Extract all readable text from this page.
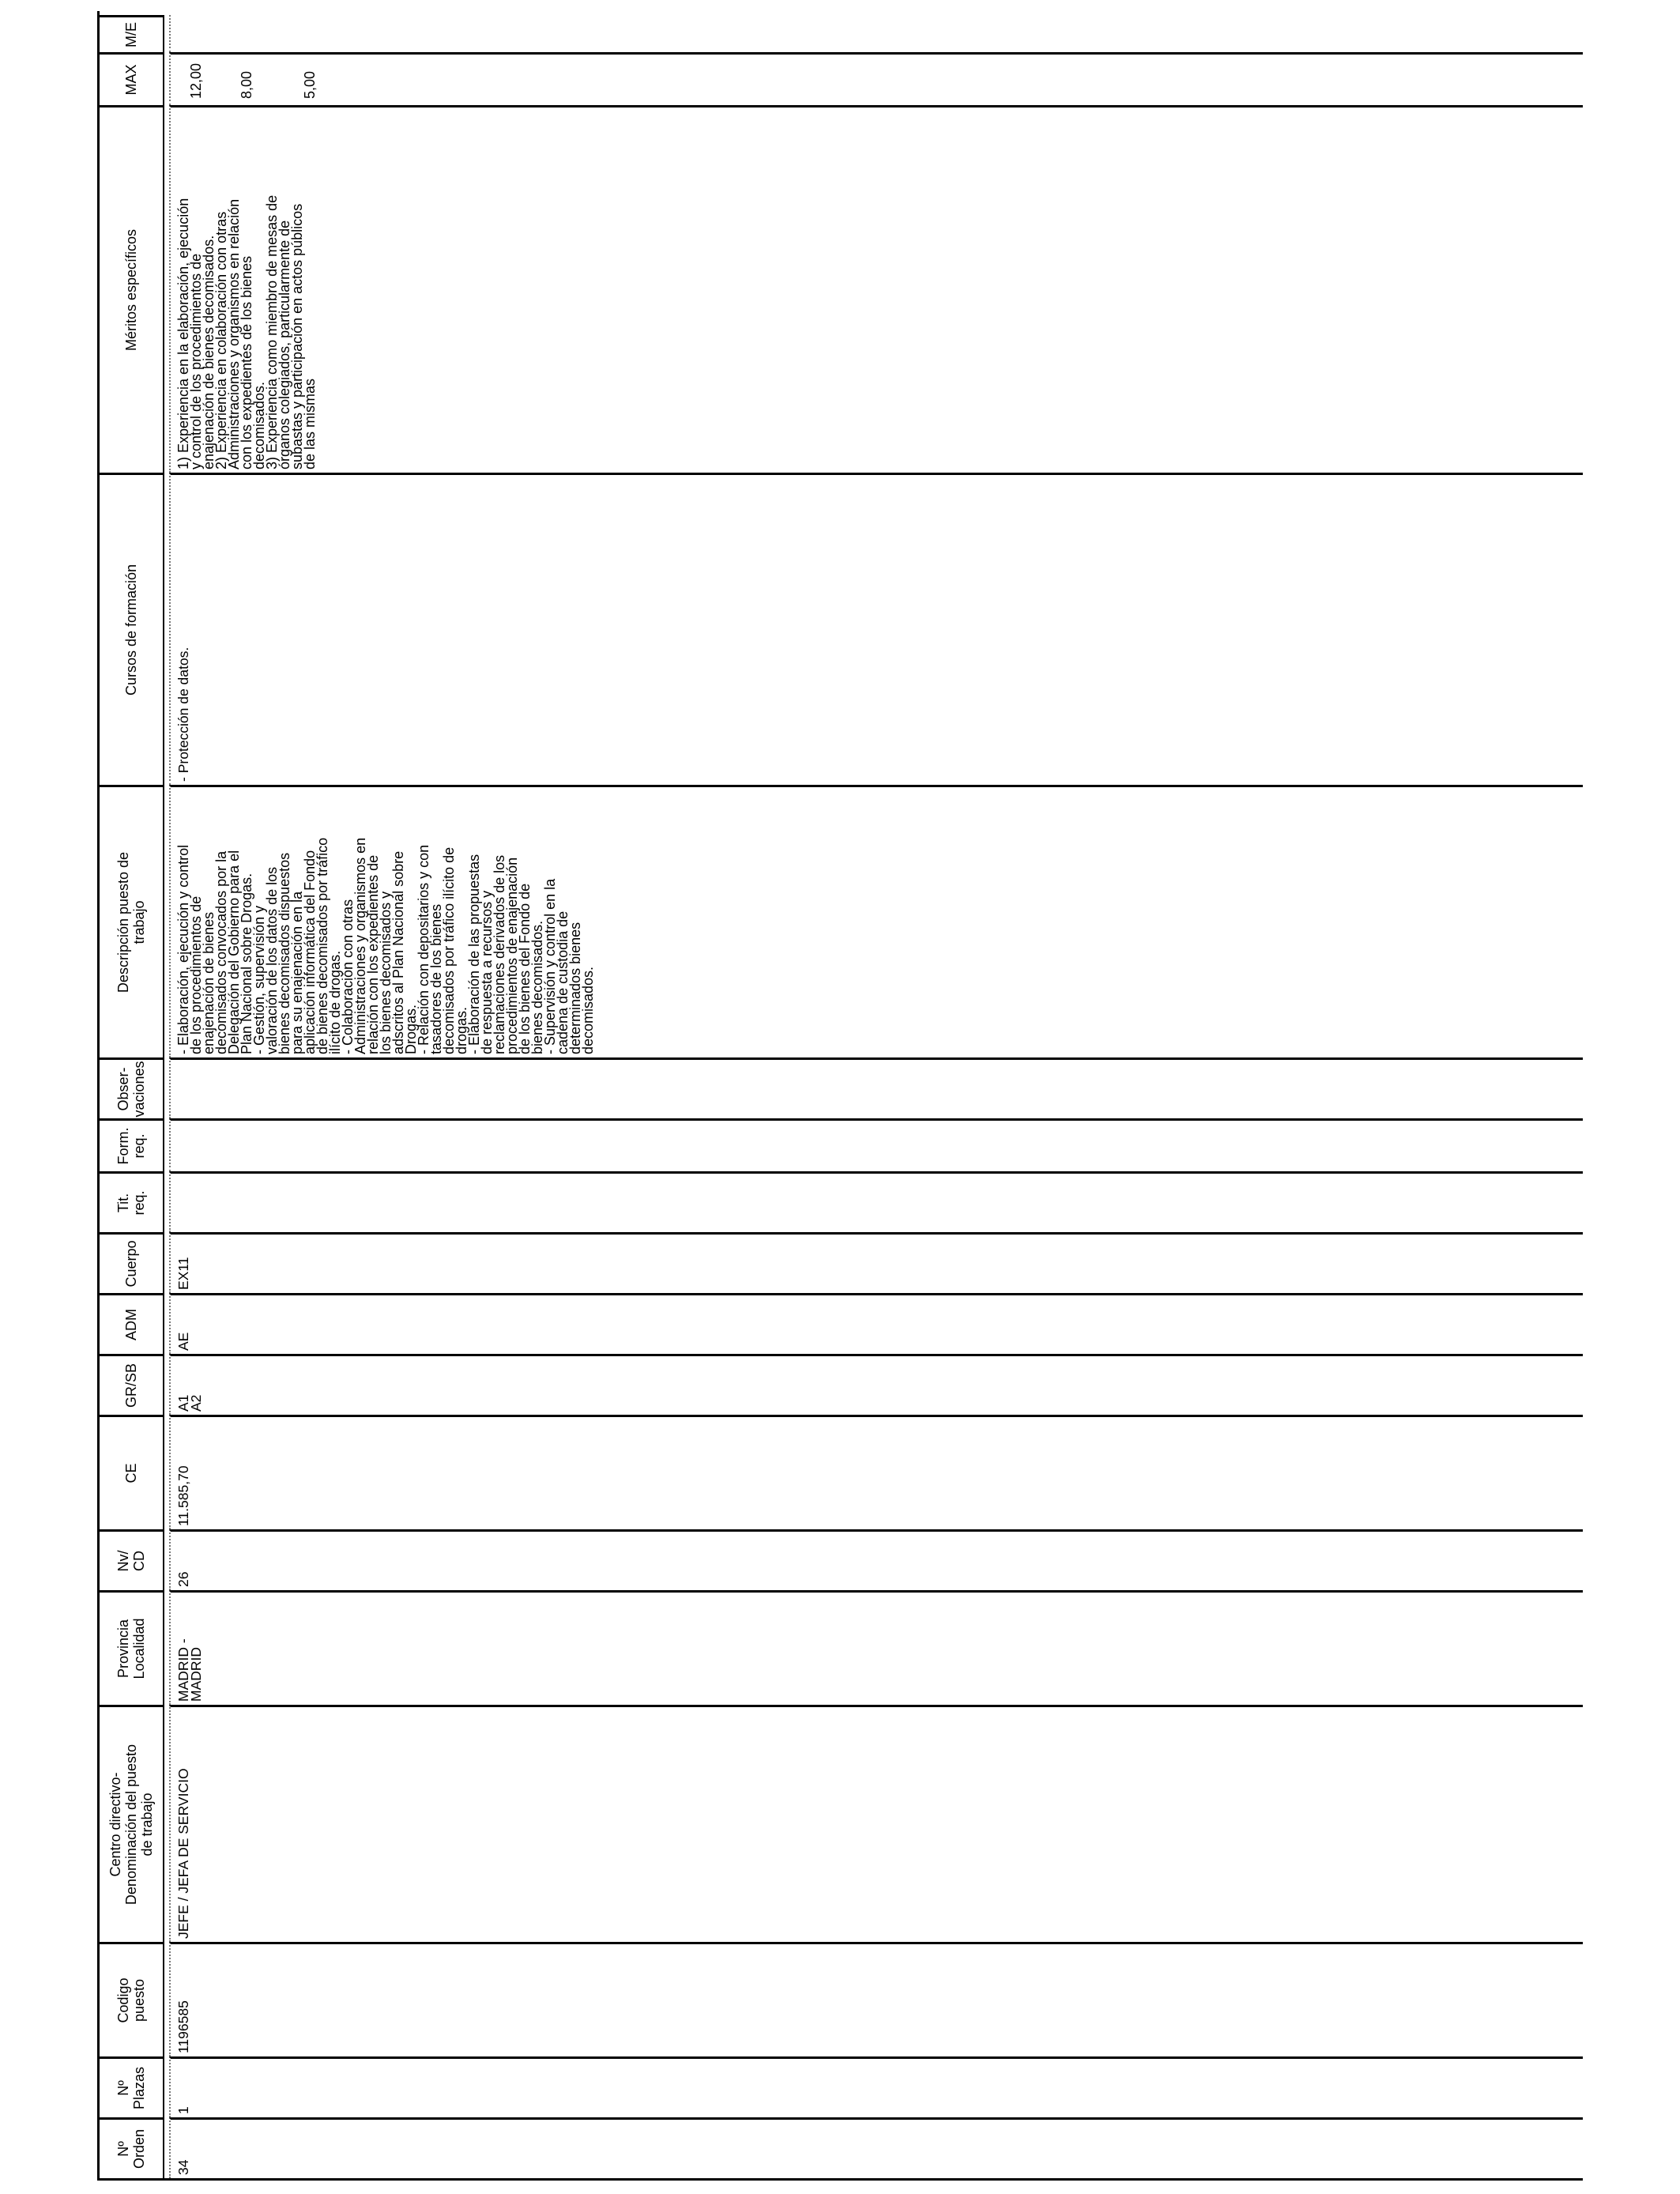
Nº
Orden
Nº
Plazas
Codigo
puesto
Centro directivo-
Denominación del puesto
de trabajo
Provincia
Localidad
Nv/
CD
CE
GR/SB
ADM
Cuerpo
Tit.
req.
Form.
req.
Obser-
vaciones
Descripción puesto de
trabajo
Cursos de formación
Méritos específicos
MAX
M/E
34
1
1196585
JEFE / JEFA DE SERVICIO
MADRID -
MADRID
26
11.585,70
A1
A2
AE
EX11
- Elaboración, ejecución y control
de los procedimientos de
enajenación de bienes
decomisados convocados por la
Delegación del Gobierno para el
Plan Nacional sobre Drogas.
- Gestión, supervisión y
valoración de los datos de los
bienes decomisados dispuestos
para su enajenación en la
aplicación informática del Fondo
de bienes decomisados por tráfico
ilícito de drogas.
- Colaboración con otras
Administraciones y organismos en
relación con los expedientes de
los bienes decomisados y
adscritos al Plan Nacional sobre
Drogas.
- Relación con depositarios y con
tasadores de los bienes
decomisados por tráfico ilícito de
drogas.
- Elaboración de las propuestas
de respuesta a recursos y
reclamaciones derivados de los
procedimientos de enajenación
de los bienes del Fondo de
bienes decomisados.
- Supervisión y control en la
cadena de custodia de
determinados bienes
decomisados.
- Protección de datos.
1) Experiencia en la elaboración, ejecución
y control de los procedimientos de
enajenación de bienes decomisados.
2) Experiencia en colaboración con otras
Administraciones y organismos en relación
con los expedientes de los bienes
decomisados.
3) Experiencia como miembro de mesas de
órganos colegiados, particularmente de
subastas y participación en actos públicos
de las mismas

12,00 8,00	5,00
